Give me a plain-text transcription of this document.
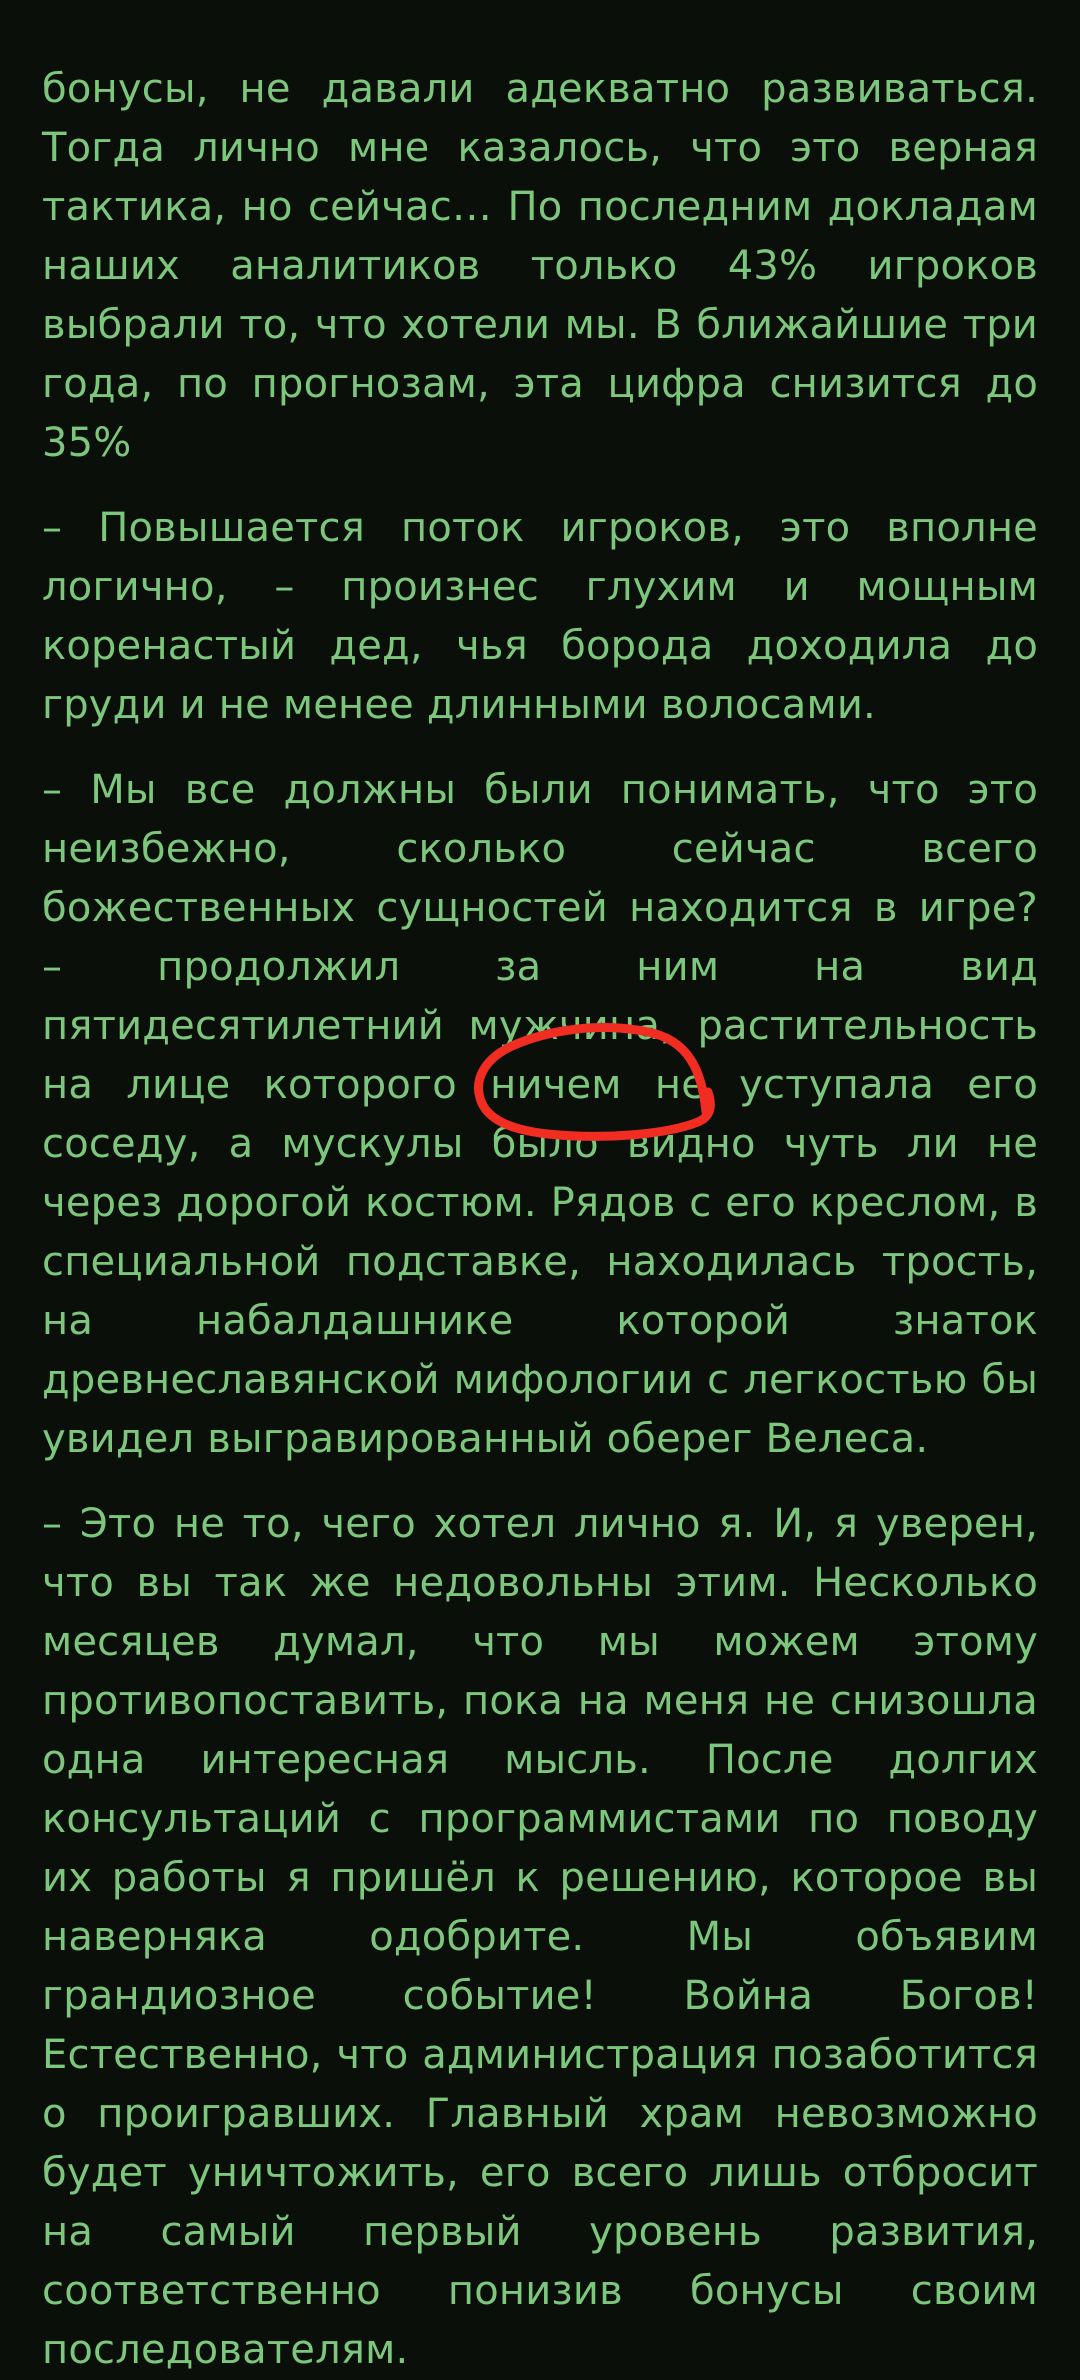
бонусы, не давали адекватно развиваться. Тогда лично мне казалось, что это верная тактика, но сейчас… По последним докладам наших аналитиков только 43% игроков выбрали то, что хотели мы. В ближайшие три года, по прогнозам, эта цифра снизится до 35%

– Повышается поток игроков, это вполне логично, – произнес глухим и мощным коренастый дед, чья борода доходила до груди и не менее длинными волосами.

– Мы все должны были понимать, что это неизбежно, сколько сейчас всего божественных сущностей находится в игре? – продолжил за ним на вид пятидесятилетний мужчина, растительность на лице которого ничем не уступала его соседу, а мускулы было видно чуть ли не через дорогой костюм. Рядов с его креслом, в специальной подставке, находилась трость, на набалдашнике которой знаток древнеславянской мифологии с легкостью бы увидел выгравированный оберег Велеса.

– Это не то, чего хотел лично я. И, я уверен, что вы так же недовольны этим. Несколько месяцев думал, что мы можем этому противопоставить, пока на меня не снизошла одна интересная мысль. После долгих консультаций с программистами по поводу их работы я пришёл к решению, которое вы наверняка одобрите. Мы объявим грандиозное событие! Война Богов! Естественно, что администрация позаботится о проигравших. Главный храм невозможно будет уничтожить, его всего лишь отбросит на самый первый уровень развития, соответственно понизив бонусы своим последователям.
